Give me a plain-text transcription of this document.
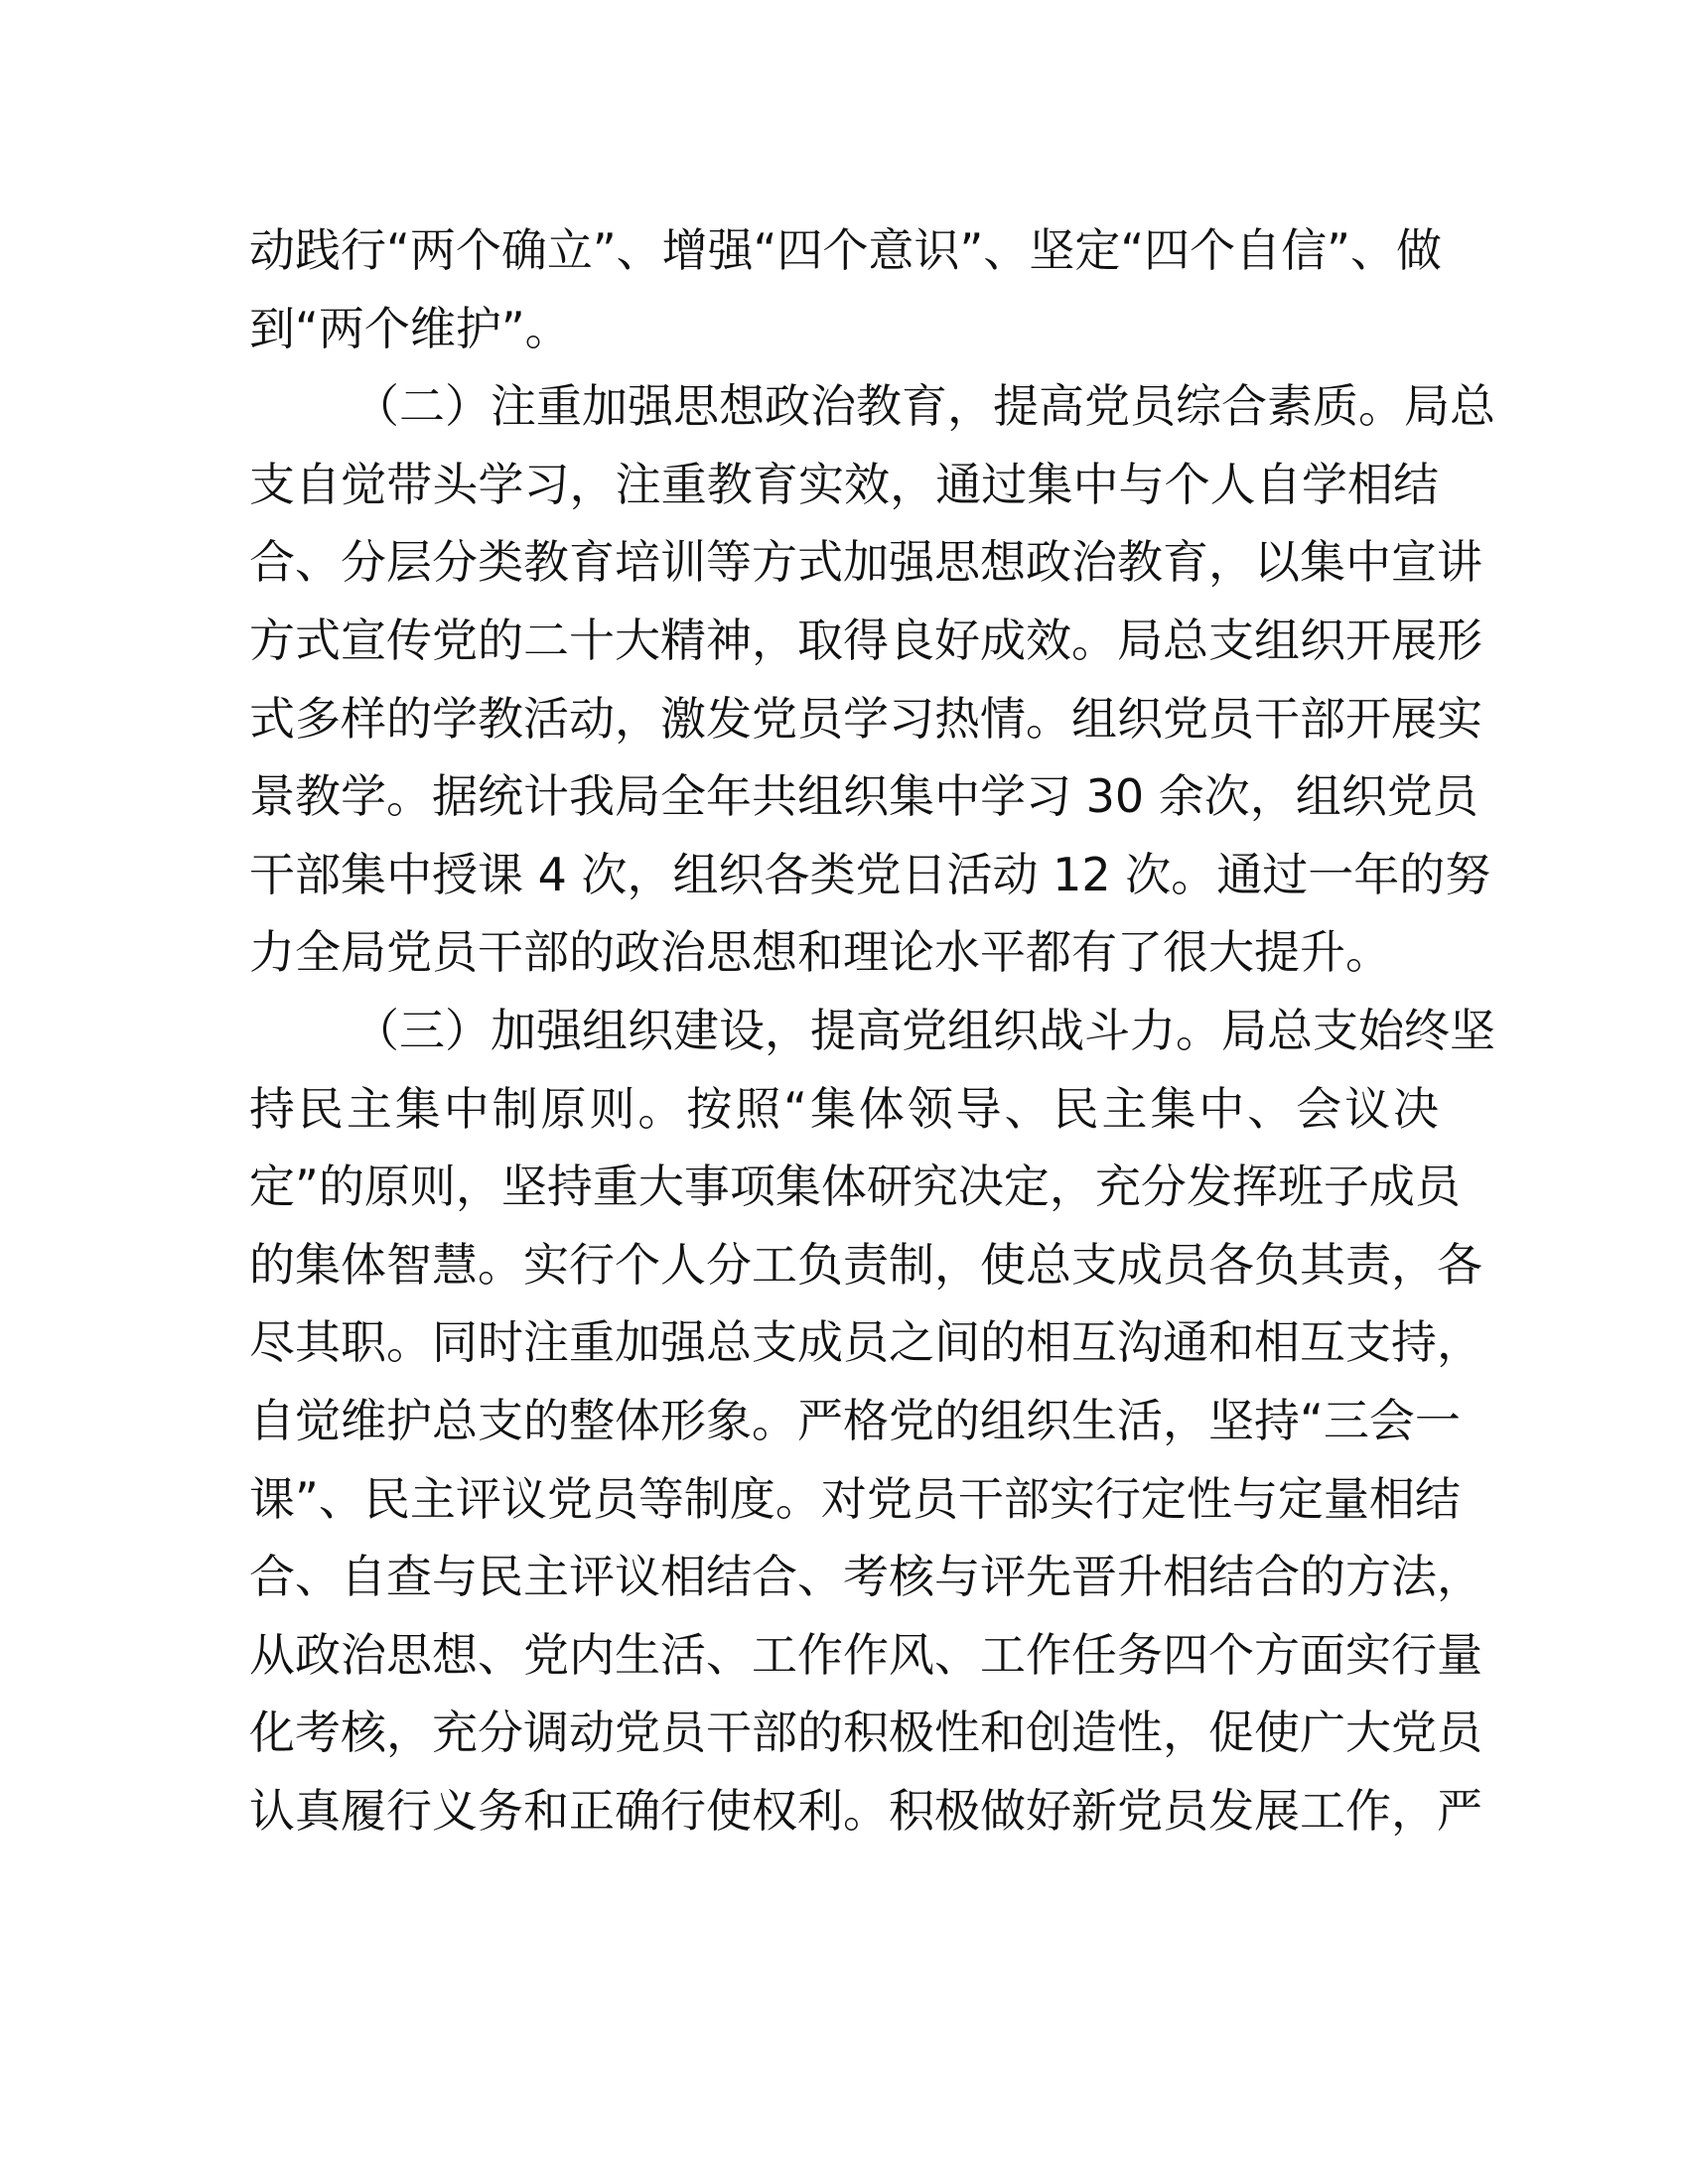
动践行“两个确立”、增强“四个意识”、坚定“四个自信”、做
到“两个维护”。
（二）注重加强思想政治教育，提高党员综合素质。局总
支自觉带头学习，注重教育实效，通过集中与个人自学相结
合、分层分类教育培训等方式加强思想政治教育，以集中宣讲
方式宣传党的二十大精神，取得良好成效。局总支组织开展形
式多样的学教活动，激发党员学习热情。组织党员干部开展实
景教学。据统计我局全年共组织集中学习 30 余次，组织党员
干部集中授课 4 次，组织各类党日活动 12 次。通过一年的努
力全局党员干部的政治思想和理论水平都有了很大提升。
（三）加强组织建设，提高党组织战斗力。局总支始终坚
持民主集中制原则。按照“集体领导、民主集中、会议决
定”的原则，坚持重大事项集体研究决定，充分发挥班子成员
的集体智慧。实行个人分工负责制，使总支成员各负其责，各
尽其职。同时注重加强总支成员之间的相互沟通和相互支持，
自觉维护总支的整体形象。严格党的组织生活，坚持“三会一
课”、民主评议党员等制度。对党员干部实行定性与定量相结
合、自查与民主评议相结合、考核与评先晋升相结合的方法，
从政治思想、党内生活、工作作风、工作任务四个方面实行量
化考核，充分调动党员干部的积极性和创造性，促使广大党员
认真履行义务和正确行使权利。积极做好新党员发展工作，严
